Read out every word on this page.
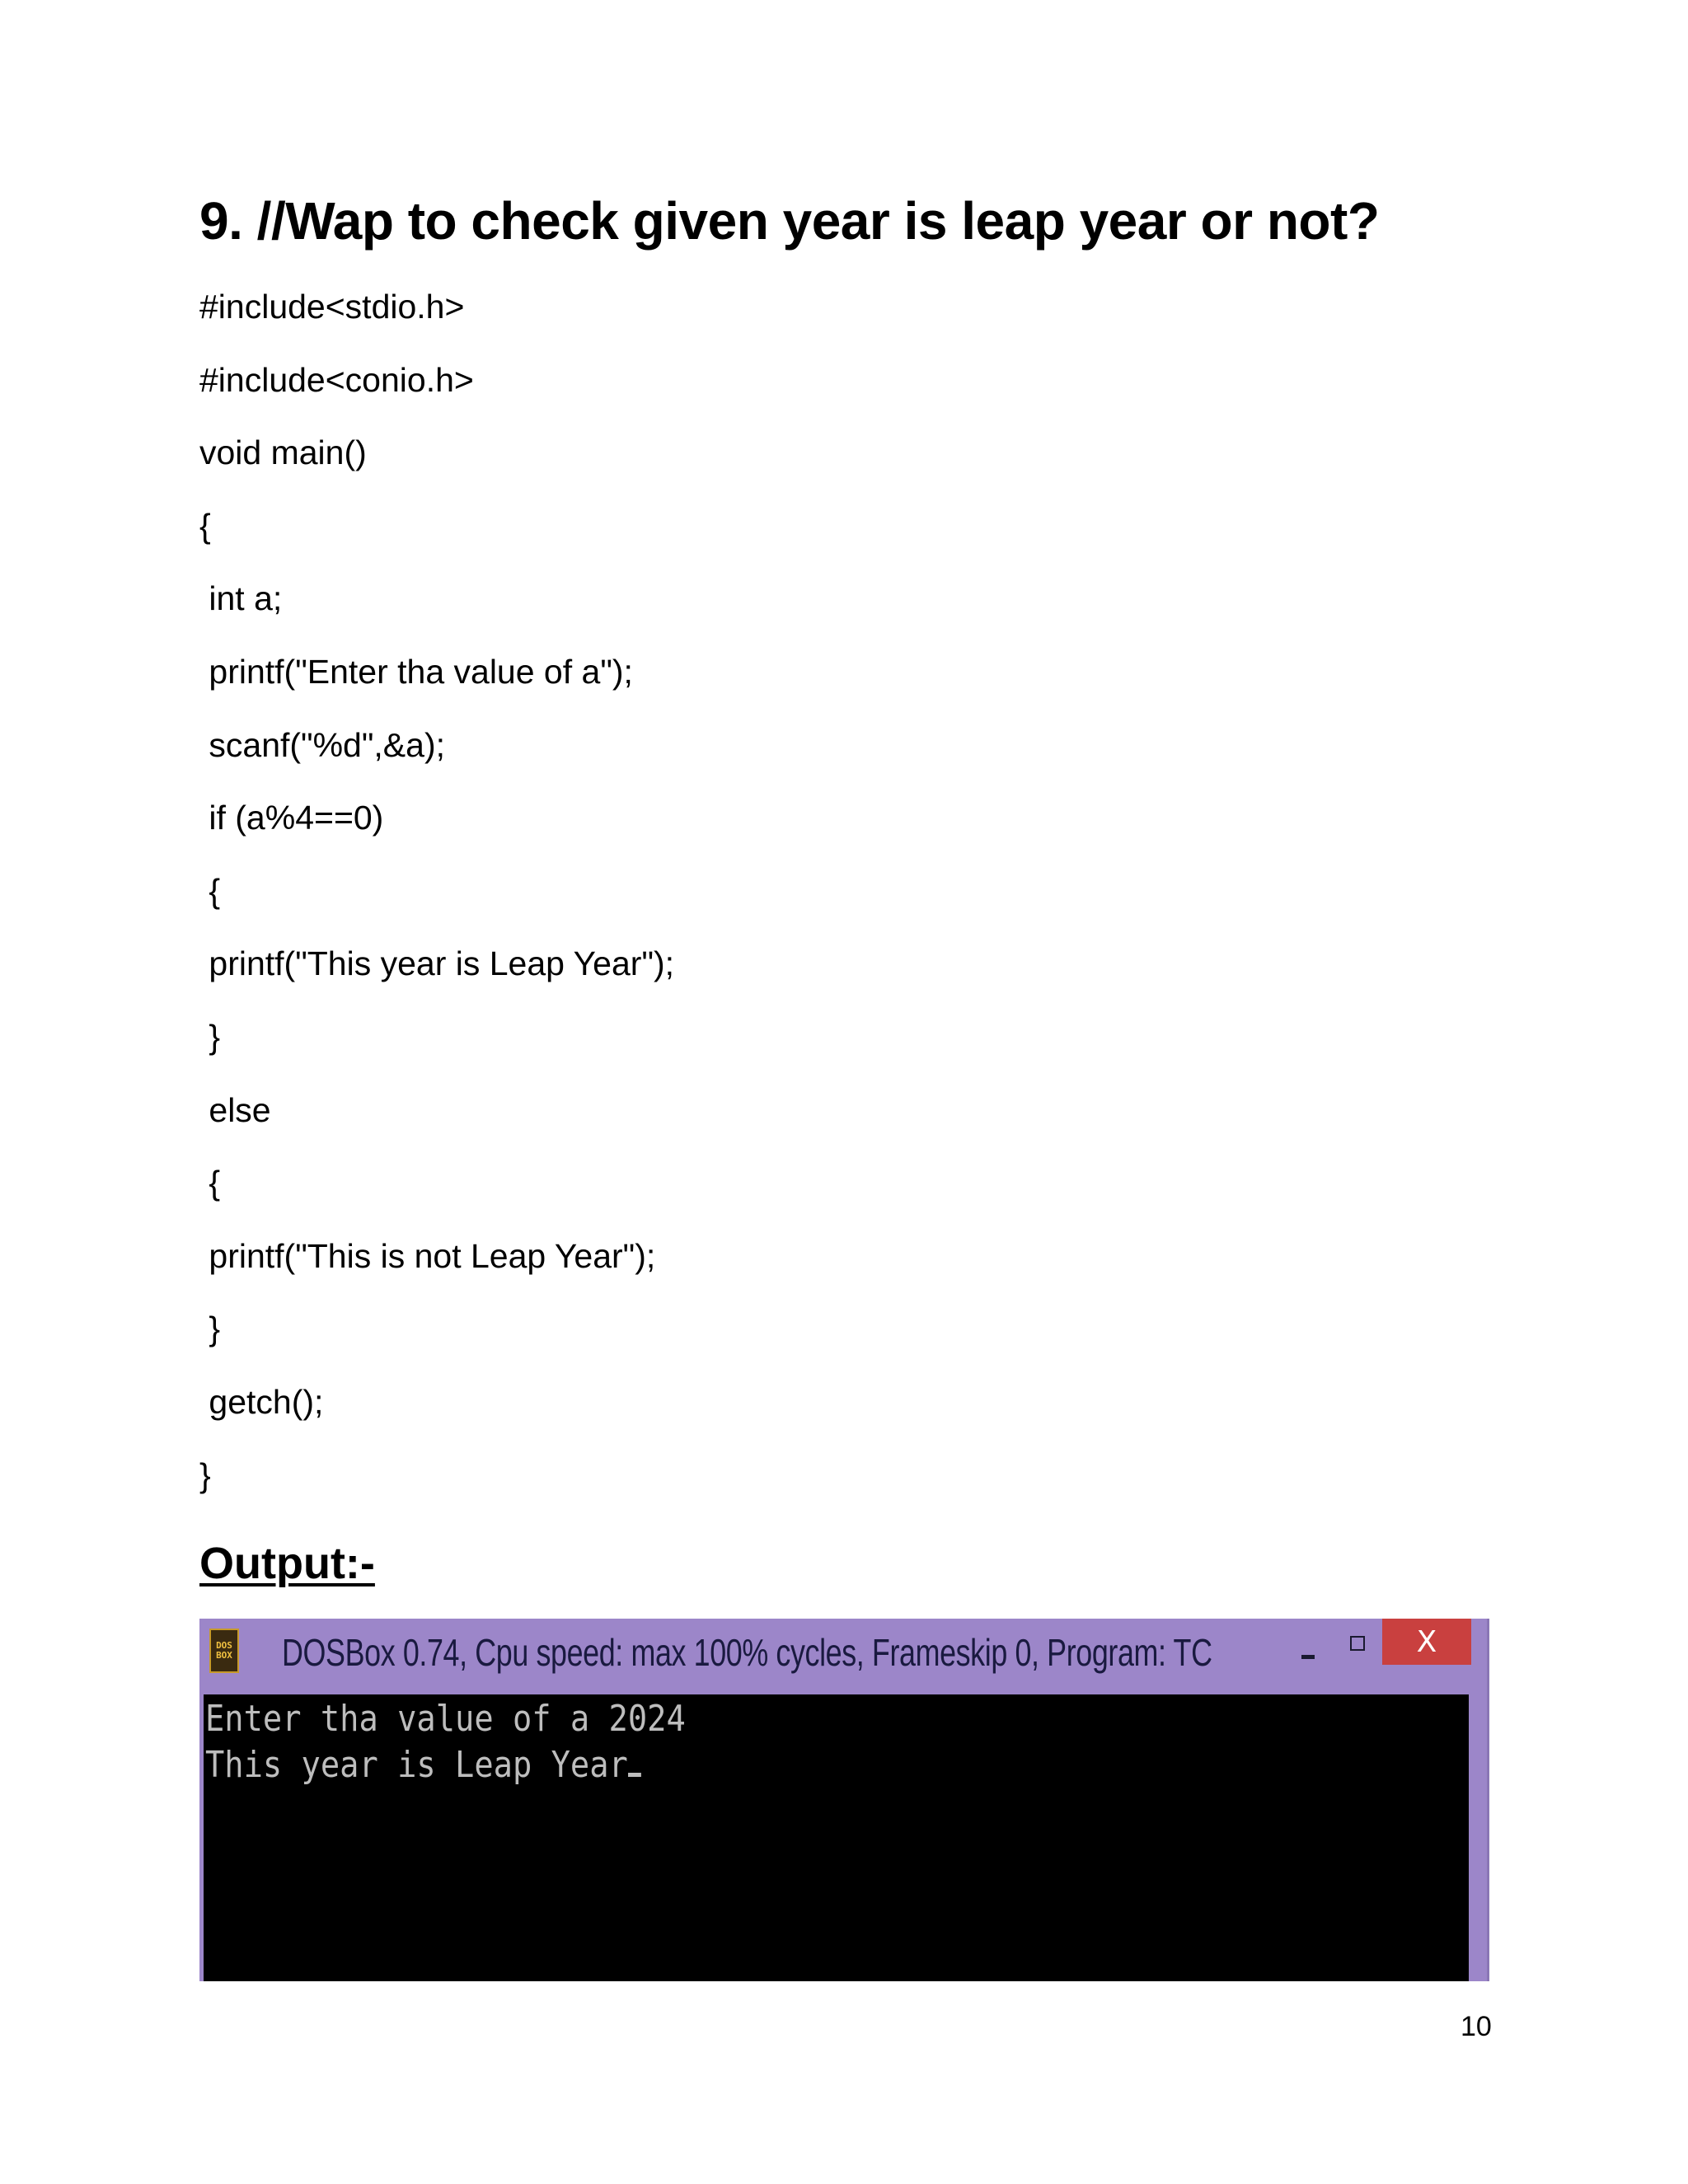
9. //Wap to check given year is leap year or not?
#include<stdio.h>
#include<conio.h>
void main()
{
int a;
printf("Enter tha value of a");
scanf("%d",&a);
if (a%4==0)
{
printf("This year is Leap Year");
}
else
{
printf("This is not Leap Year");
}
getch();
}
Output:-
DOS
BOX DOSBox 0.74, Cpu speed: max 100% cycles, Frameskip 0, Program: TC	X
Enter tha value of a 2024
This year is Leap Year
10
